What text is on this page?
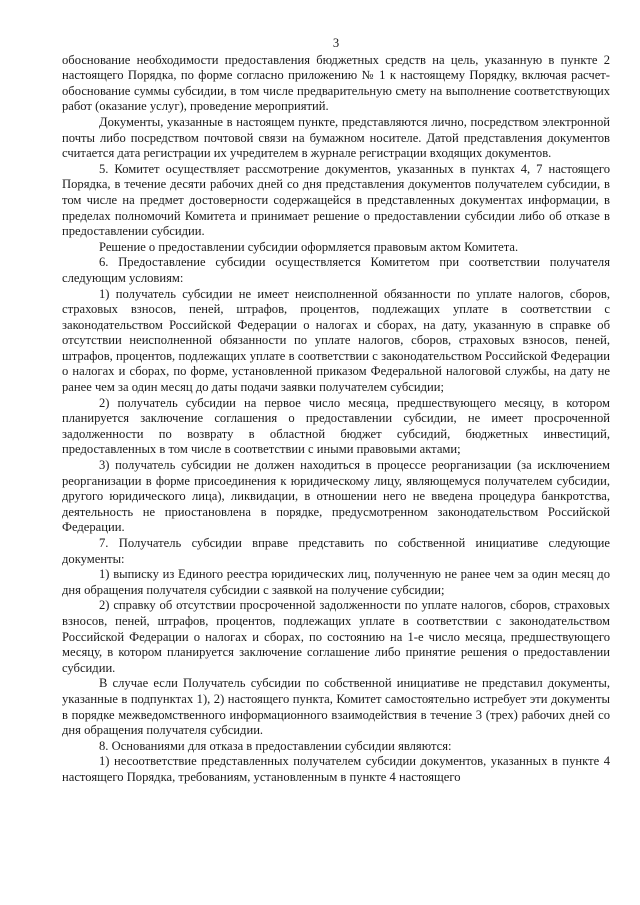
3

обоснование необходимости предоставления бюджетных средств на цель, указанную в пункте 2 настоящего Порядка, по форме согласно приложению № 1 к настоящему Порядку, включая расчет-обоснование суммы субсидии, в том числе предварительную смету на выполнение соответствующих работ (оказание услуг), проведение мероприятий.

Документы, указанные в настоящем пункте, представляются лично, посредством электронной почты либо посредством почтовой связи на бумажном носителе. Датой представления документов считается дата регистрации их учредителем в журнале регистрации входящих документов.

5. Комитет осуществляет рассмотрение документов, указанных в пунктах 4, 7 настоящего Порядка, в течение десяти рабочих дней со дня представления документов получателем субсидии, в том числе на предмет достоверности содержащейся в представленных документах информации, в пределах полномочий Комитета и принимает решение о предоставлении субсидии либо об отказе в предоставлении субсидии.

Решение о предоставлении субсидии оформляется правовым актом Комитета.

6. Предоставление субсидии осуществляется Комитетом при соответствии получателя следующим условиям:

1) получатель субсидии не имеет неисполненной обязанности по уплате налогов, сборов, страховых взносов, пеней, штрафов, процентов, подлежащих уплате в соответствии с законодательством Российской Федерации о налогах и сборах, на дату, указанную в справке об отсутствии неисполненной обязанности по уплате налогов, сборов, страховых взносов, пеней, штрафов, процентов, подлежащих уплате в соответствии с законодательством Российской Федерации о налогах и сборах, по форме, установленной приказом Федеральной налоговой службы, на дату не ранее чем за один месяц до даты подачи заявки получателем субсидии;

2) получатель субсидии на первое число месяца, предшествующего месяцу, в котором планируется заключение соглашения о предоставлении субсидии, не имеет просроченной задолженности по возврату в областной бюджет субсидий, бюджетных инвестиций, предоставленных в том числе в соответствии с иными правовыми актами;

3) получатель субсидии не должен находиться в процессе реорганизации (за исключением реорганизации в форме присоединения к юридическому лицу, являющемуся получателем субсидии, другого юридического лица), ликвидации, в отношении него не введена процедура банкротства, деятельность не приостановлена в порядке, предусмотренном законодательством Российской Федерации.

7. Получатель субсидии вправе представить по собственной инициативе следующие документы:

1) выписку из Единого реестра юридических лиц, полученную не ранее чем за один месяц до дня обращения получателя субсидии с заявкой на получение субсидии;

2) справку об отсутствии просроченной задолженности по уплате налогов, сборов, страховых взносов, пеней, штрафов, процентов, подлежащих уплате в соответствии с законодательством Российской Федерации о налогах и сборах, по состоянию на 1-е число месяца, предшествующего месяцу, в котором планируется заключение соглашение либо принятие решения о предоставлении субсидии.

В случае если Получатель субсидии по собственной инициативе не представил документы, указанные в подпунктах 1), 2) настоящего пункта, Комитет самостоятельно истребует эти документы в порядке межведомственного информационного взаимодействия в течение 3 (трех) рабочих дней со дня обращения получателя субсидии.

8. Основаниями для отказа в предоставлении субсидии являются:

1) несоответствие представленных получателем субсидии документов, указанных в пункте 4 настоящего Порядка, требованиям, установленным в пункте 4 настоящего
